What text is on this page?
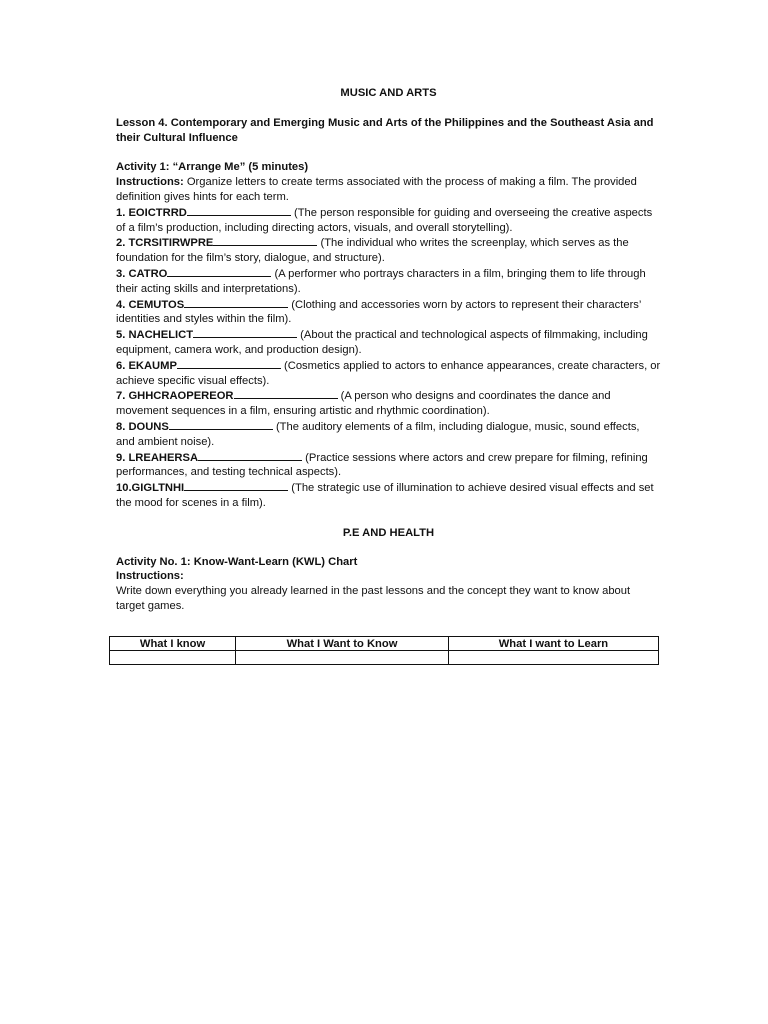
MUSIC AND ARTS

Lesson 4. Contemporary and Emerging Music and Arts of the Philippines and the Southeast Asia and their Cultural Influence
Activity 1: “Arrange Me” (5 minutes)
Instructions: Organize letters to create terms associated with the process of making a film. The provided definition gives hints for each term.

1. EOICTRRD	(The person responsible for guiding and overseeing the creative aspects of a film’s production, including directing actors, visuals, and overall storytelling).

2. TCRSITIRWPRE	(The individual who writes the screenplay, which serves as the foundation for the film’s story, dialogue, and structure).

3. CATRO	(A performer who portrays characters in a film, bringing them to life through their acting skills and interpretations).

4. CEMUTOS	(Clothing and accessories worn by actors to represent their characters’ identities and styles within the film).

5. NACHELICT	(About the practical and technological aspects of filmmaking, including equipment, camera work, and production design).

6. EKAUMP	(Cosmetics applied to actors to enhance appearances, create characters, or achieve specific visual effects).

7. GHHCRAOPEREOR	(A person who designs and coordinates the dance and movement sequences in a film, ensuring artistic and rhythmic coordination).

8. DOUNS	(The auditory elements of a film, including dialogue, music, sound effects, and ambient noise).

9. LREAHERSA	(Practice sessions where actors and crew prepare for filming, refining performances, and testing technical aspects).

10.GIGLTNHI	(The strategic use of illumination to achieve desired visual effects and set the mood for scenes in a film).

P.E AND HEALTH

Activity No. 1: Know-Want-Learn (KWL) Chart
Instructions:
Write down everything you already learned in the past lessons and the concept they want to know about target games.
What I know	What I Want to Know	What I want to Learn
